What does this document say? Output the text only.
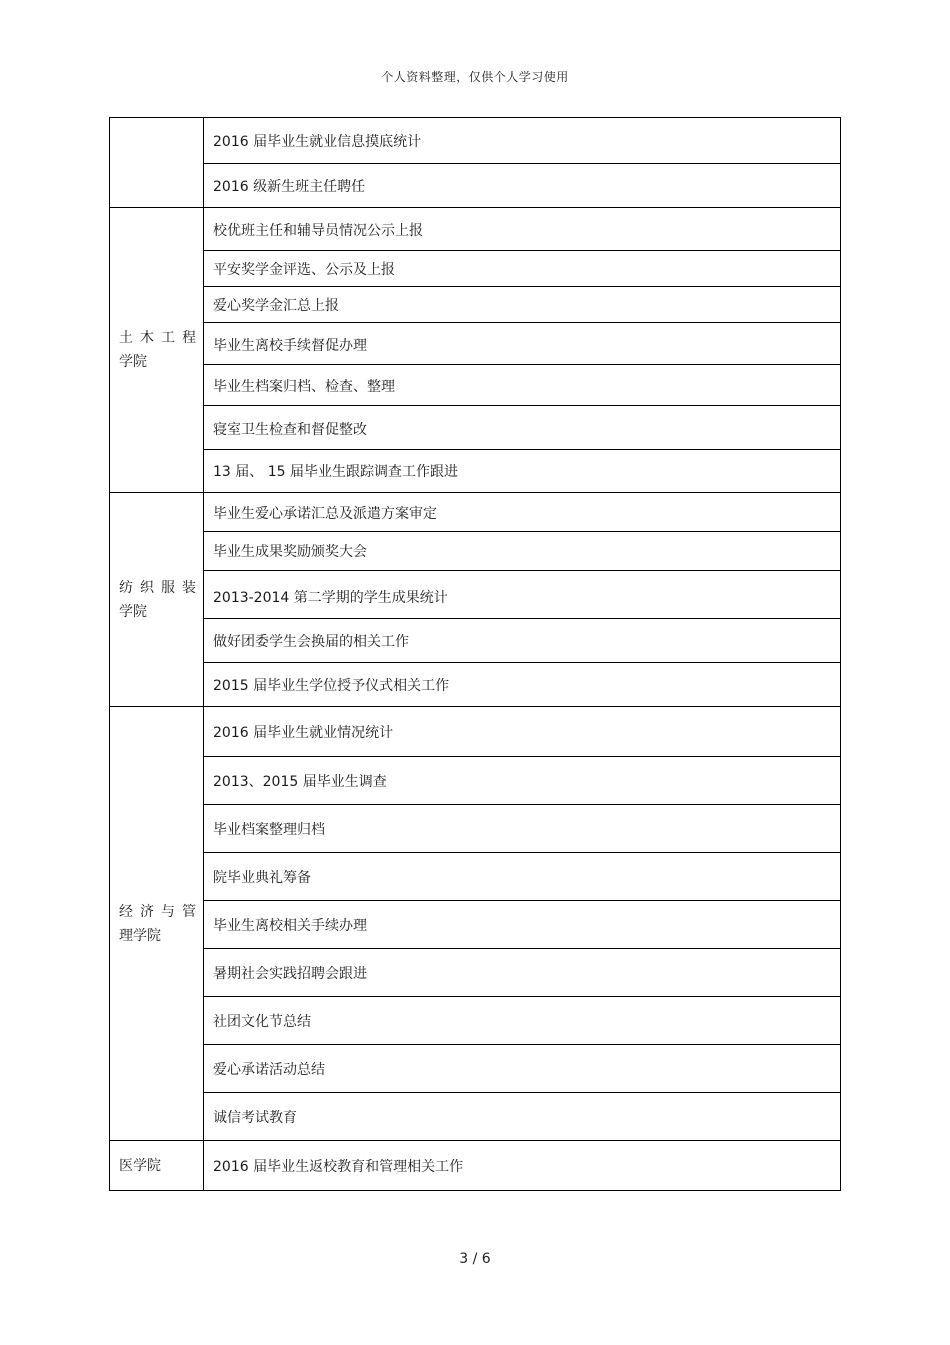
个人资料整理，仅供个人学习使用
	2016 届毕业生就业信息摸底统计
	2016 级新生班主任聘任

土木工程
学院	校优班主任和辅导员情况公示上报
	平安奖学金评选、公示及上报
	爱心奖学金汇总上报
	毕业生离校手续督促办理
	毕业生档案归档、检查、整理
	寝室卫生检查和督促整改
	13 届、 15 届毕业生跟踪调查工作跟进

纺织服装
学院	毕业生爱心承诺汇总及派遣方案审定
	毕业生成果奖励颁奖大会
	2013-2014 第二学期的学生成果统计
	做好团委学生会换届的相关工作
	2015 届毕业生学位授予仪式相关工作

经济与管
理学院	2016 届毕业生就业情况统计
	2013、2015 届毕业生调查
	毕业档案整理归档
	院毕业典礼筹备
	毕业生离校相关手续办理
	暑期社会实践招聘会跟进
	社团文化节总结
	爱心承诺活动总结
	诚信考试教育

医学院	2016 届毕业生返校教育和管理相关工作
3 / 6
